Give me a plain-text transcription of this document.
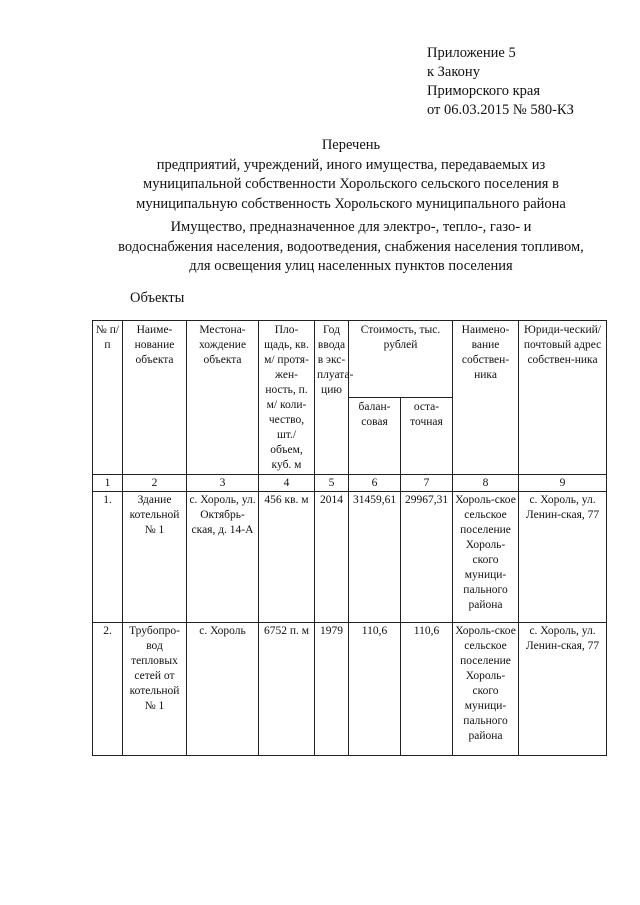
Приложение 5
к Закону
Приморского края
от 06.03.2015 № 580-КЗ
Перечень
предприятий, учреждений, иного имущества, передаваемых из
муниципальной собственности Хорольского сельского поселения в
муниципальную собственность Хорольского муниципального района
Имущество, предназначенное для электро-, тепло-, газо- и
водоснабжения населения, водоотведения, снабжения населения топливом,
для освещения улиц населенных пунктов поселения
Объекты
№ п/п	Наиме-нование объекта	Местона-хождение объекта	Пло-щадь, кв. м/ протя-жен-ность, п. м/ коли-чество, шт./ объем, куб. м	Год ввода в экс-плуата-цию	Стоимость, тыс. рублей		Наимено-вание собствен-ника	Юриди-ческий/ почтовый адрес собствен-ника
					балан-совая	оста-точная		
1	2	3	4	5	6	7	8	9
1.	Здание котельной № 1	с. Хороль, ул. Октябрь-ская, д. 14-А	456 кв. м	2014	31459,61	29967,31	Хороль-ское сельское поселение Хороль-ского муници-пального района	с. Хороль, ул. Ленин-ская, 77
2.	Трубопро-вод тепловых сетей от котельной № 1	с. Хороль	6752 п. м	1979	110,6	110,6	Хороль-ское сельское поселение Хороль-ского муници-пального района	с. Хороль, ул. Ленин-ская, 77
